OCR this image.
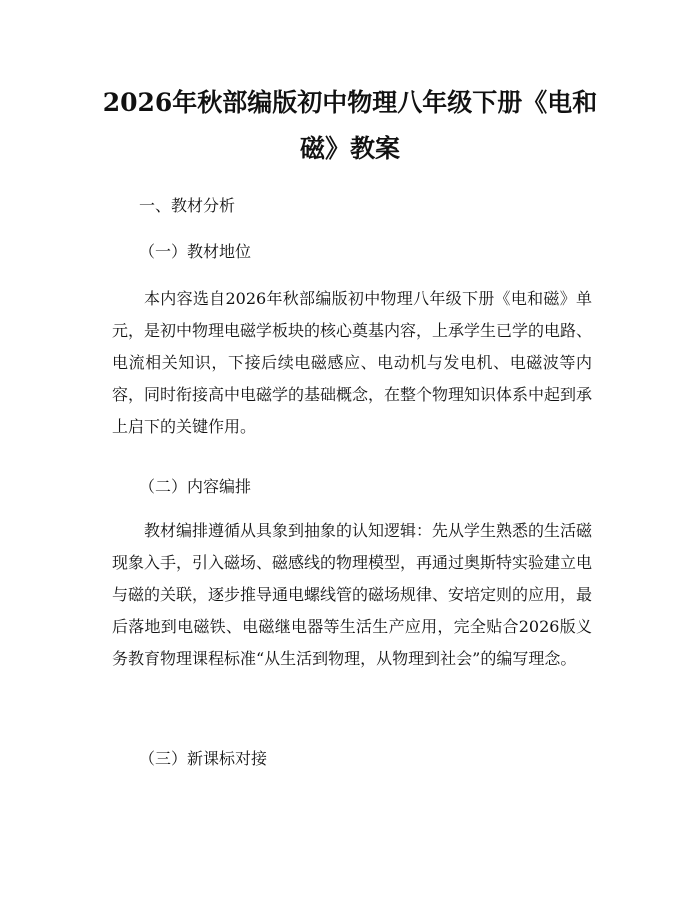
2026年秋部编版初中物理八年级下册《电和磁》教案

一、教材分析

（一）教材地位

本内容选自2026年秋部编版初中物理八年级下册《电和磁》单元，是初中物理电磁学板块的核心奠基内容，上承学生已学的电路、电流相关知识，下接后续电磁感应、电动机与发电机、电磁波等内容，同时衔接高中电磁学的基础概念，在整个物理知识体系中起到承上启下的关键作用。

（二）内容编排

教材编排遵循从具象到抽象的认知逻辑：先从学生熟悉的生活磁现象入手，引入磁场、磁感线的物理模型，再通过奥斯特实验建立电与磁的关联，逐步推导通电螺线管的磁场规律、安培定则的应用，最后落地到电磁铁、电磁继电器等生活生产应用，完全贴合2026版义务教育物理课程标准“从生活到物理，从物理到社会”的编写理念。

（三）新课标对接
